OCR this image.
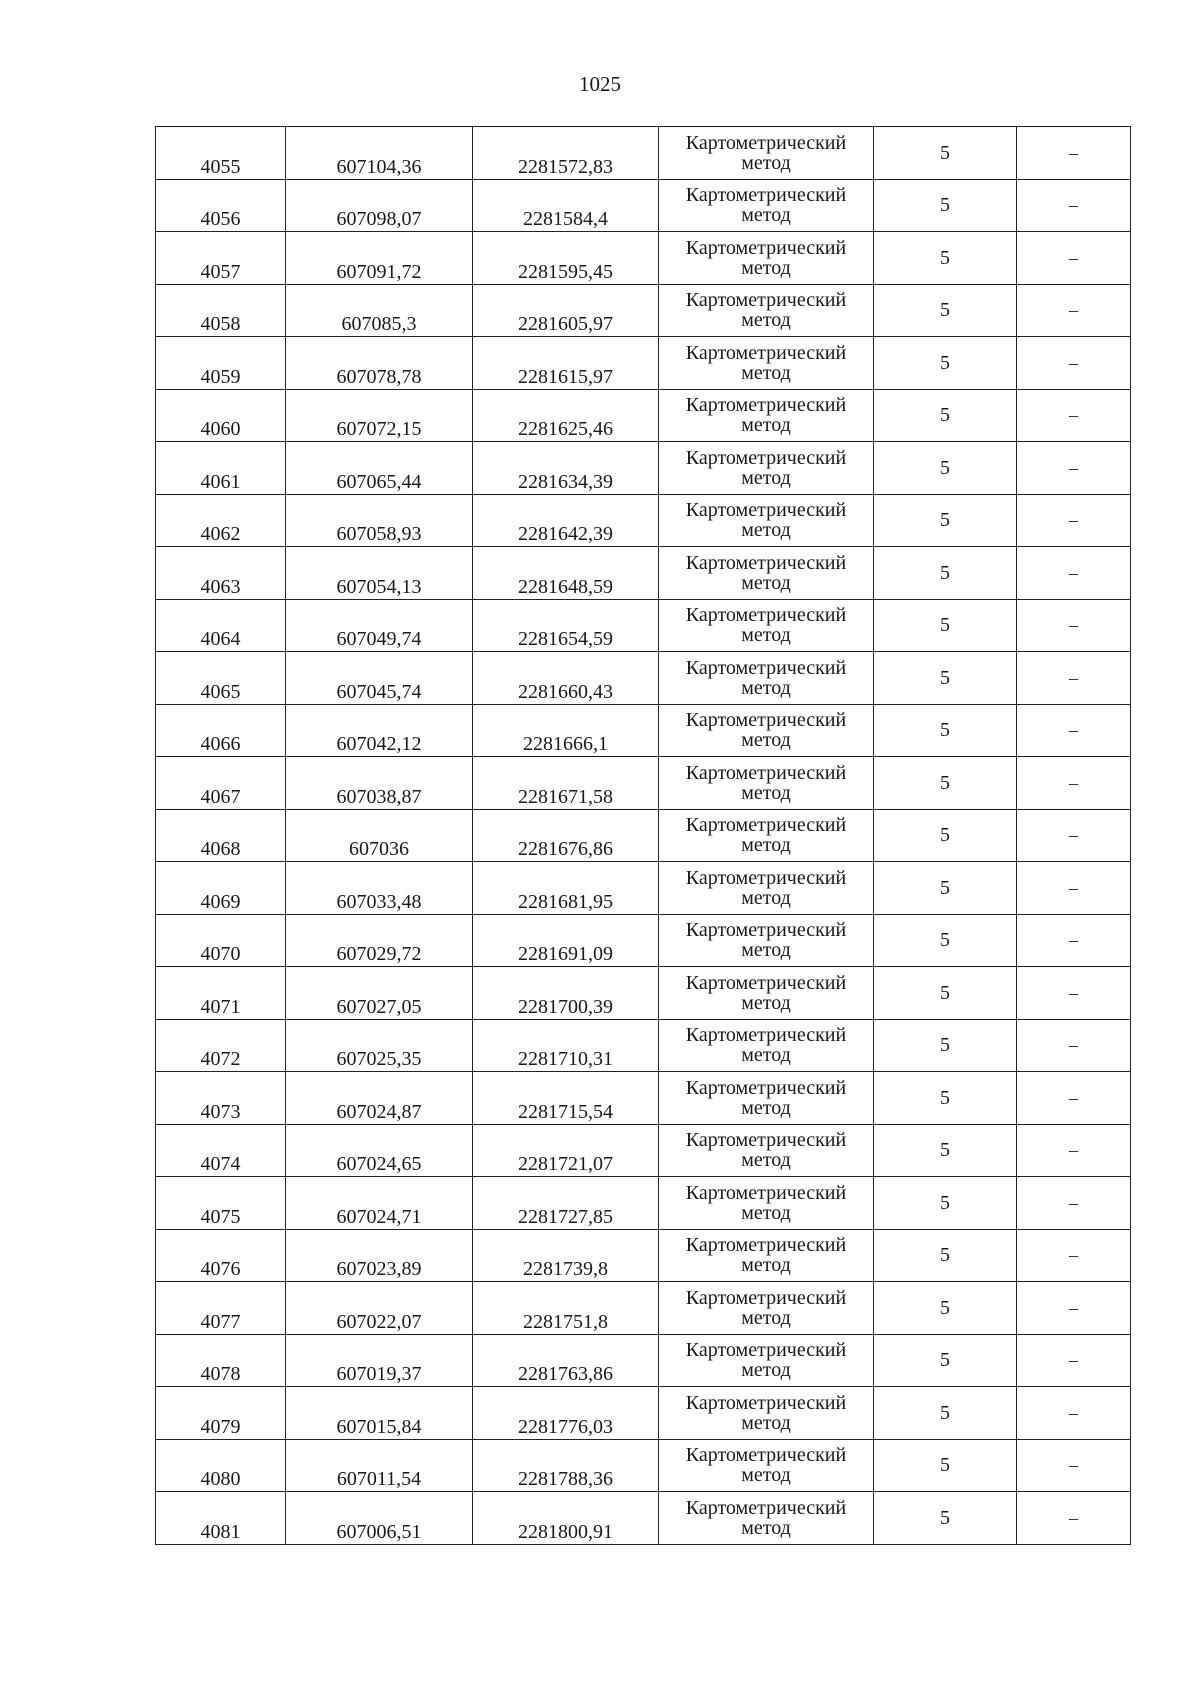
1025
4055	607104,36	2281572,83	Картометрический
метод	5	–
4056	607098,07	2281584,4	Картометрический
метод	5	–
4057	607091,72	2281595,45	Картометрический
метод	5	–
4058	607085,3	2281605,97	Картометрический
метод	5	–
4059	607078,78	2281615,97	Картометрический
метод	5	–
4060	607072,15	2281625,46	Картометрический
метод	5	–
4061	607065,44	2281634,39	Картометрический
метод	5	–
4062	607058,93	2281642,39	Картометрический
метод	5	–
4063	607054,13	2281648,59	Картометрический
метод	5	–
4064	607049,74	2281654,59	Картометрический
метод	5	–
4065	607045,74	2281660,43	Картометрический
метод	5	–
4066	607042,12	2281666,1	Картометрический
метод	5	–
4067	607038,87	2281671,58	Картометрический
метод	5	–
4068	607036	2281676,86	Картометрический
метод	5	–
4069	607033,48	2281681,95	Картометрический
метод	5	–
4070	607029,72	2281691,09	Картометрический
метод	5	–
4071	607027,05	2281700,39	Картометрический
метод	5	–
4072	607025,35	2281710,31	Картометрический
метод	5	–
4073	607024,87	2281715,54	Картометрический
метод	5	–
4074	607024,65	2281721,07	Картометрический
метод	5	–
4075	607024,71	2281727,85	Картометрический
метод	5	–
4076	607023,89	2281739,8	Картометрический
метод	5	–
4077	607022,07	2281751,8	Картометрический
метод	5	–
4078	607019,37	2281763,86	Картометрический
метод	5	–
4079	607015,84	2281776,03	Картометрический
метод	5	–
4080	607011,54	2281788,36	Картометрический
метод	5	–
4081	607006,51	2281800,91	Картометрический
метод	5	–
